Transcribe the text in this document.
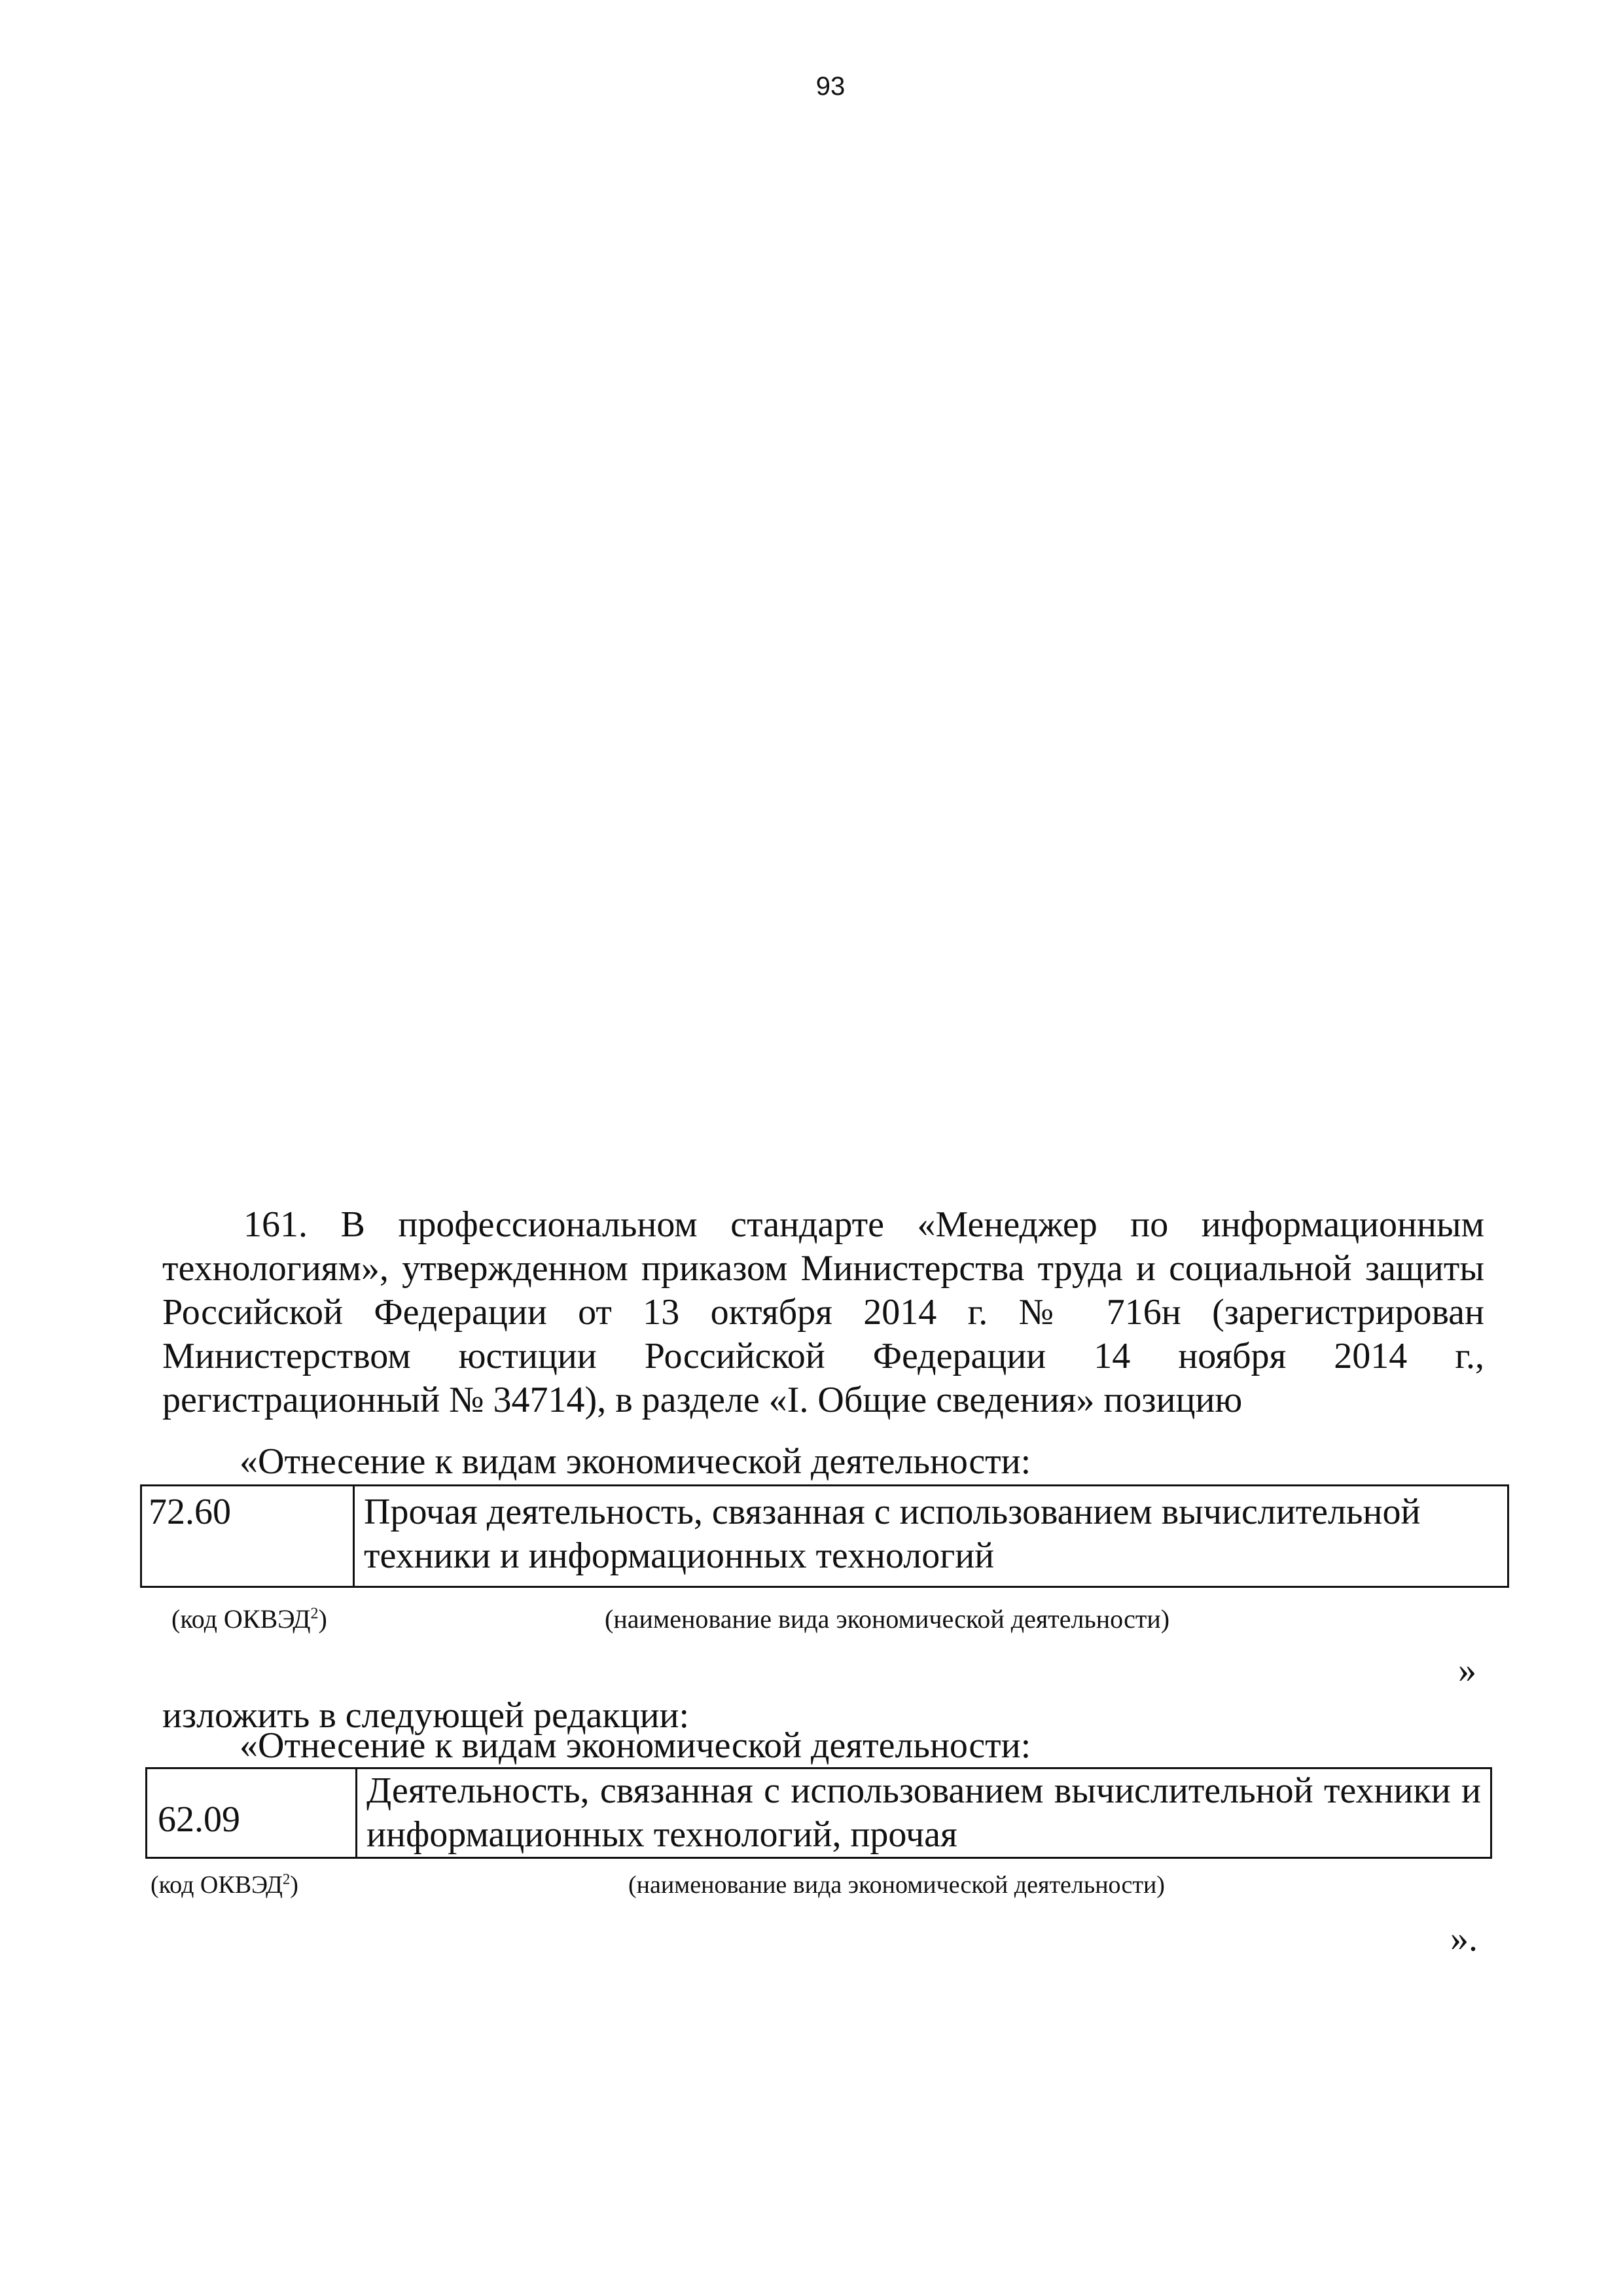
93

161. В профессиональном стандарте «Менеджер по информационным технологиям», утвержденном приказом Министерства труда и социальной защиты Российской Федерации от 13 октября 2014 г. № 716н (зарегистрирован Министерством юстиции Российской Федерации 14 ноября 2014 г., регистрационный № 34714), в разделе «I. Общие сведения» позицию

«Отнесение к видам экономической деятельности:
72.60	Прочая деятельность, связанная с использованием вычислительной техники и информационных технологий
(код ОКВЭД$^2$)	(наименование вида экономической деятельности)
»
изложить в следующей редакции:
«Отнесение к видам экономической деятельности:
62.09	Деятельность, связанная с использованием вычислительной техники и информационных технологий, прочая
(код ОКВЭД$^2$)	(наименование вида экономической деятельности)
».
